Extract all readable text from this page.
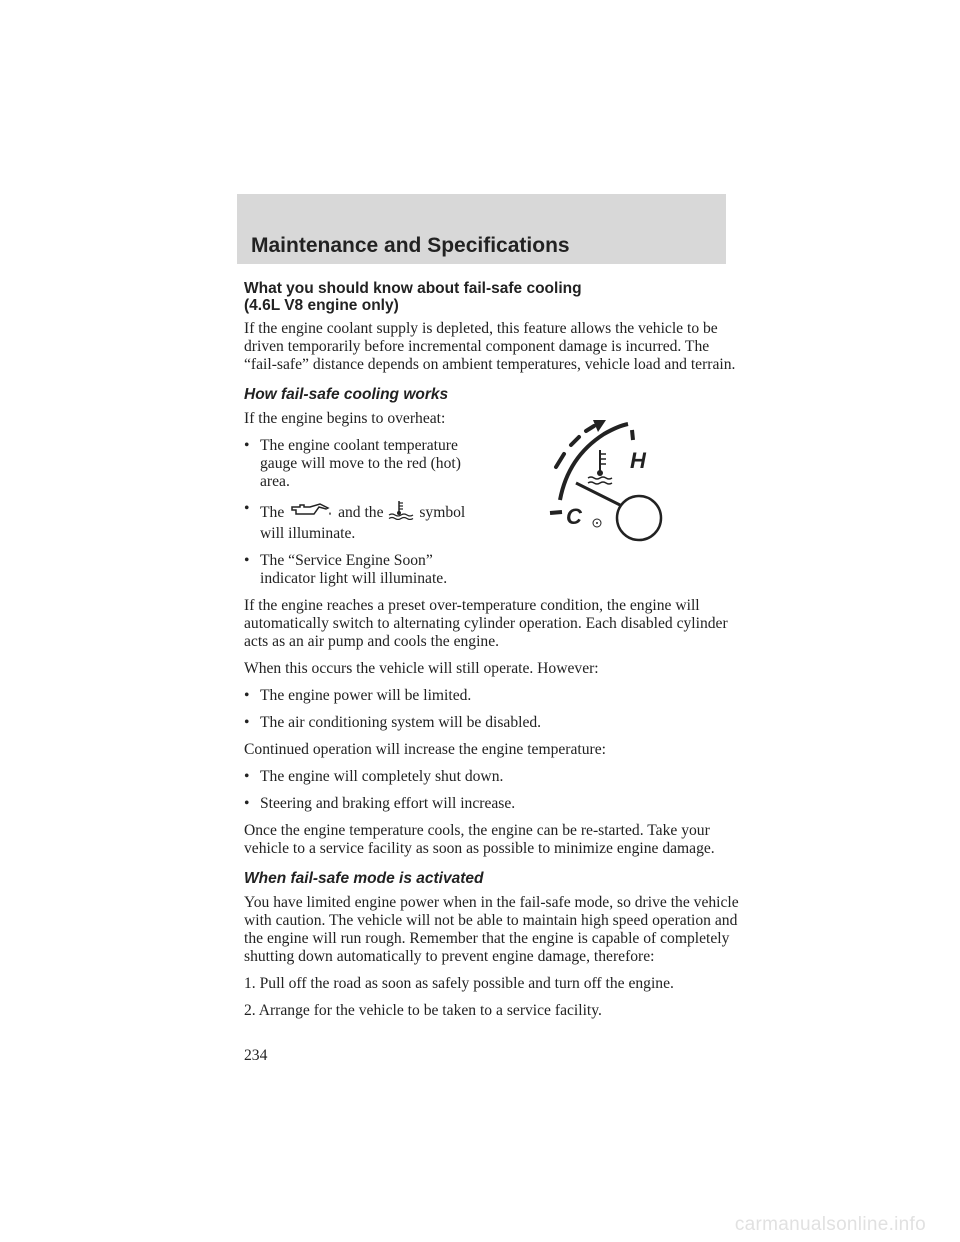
Maintenance and Specifications
What you should know about fail-safe cooling
(4.6L V8 engine only)

If the engine coolant supply is depleted, this feature allows the vehicle to be driven temporarily before incremental component damage is incurred. The “fail-safe” distance depends on ambient temperatures, vehicle load and terrain.

How fail-safe cooling works

If the engine begins to overheat:

• The engine coolant temperature gauge will move to the red (hot) area.
• The	and the symbol
will illuminate.
• The “Service Engine Soon” indicator light will illuminate.

If the engine reaches a preset over-temperature condition, the engine will automatically switch to alternating cylinder operation. Each disabled cylinder acts as an air pump and cools the engine.

When this occurs the vehicle will still operate. However:

• The engine power will be limited.
• The air conditioning system will be disabled.

Continued operation will increase the engine temperature:

• The engine will completely shut down.
• Steering and braking effort will increase.

Once the engine temperature cools, the engine can be re-started. Take your vehicle to a service facility as soon as possible to minimize engine damage.

When fail-safe mode is activated

You have limited engine power when in the fail-safe mode, so drive the vehicle with caution. The vehicle will not be able to maintain high speed operation and the engine will run rough. Remember that the engine is capable of completely shutting down automatically to prevent engine damage, therefore:

1. Pull off the road as soon as safely possible and turn off the engine.

2. Arrange for the vehicle to be taken to a service facility.

H
C
234
carmanualsonline.info
